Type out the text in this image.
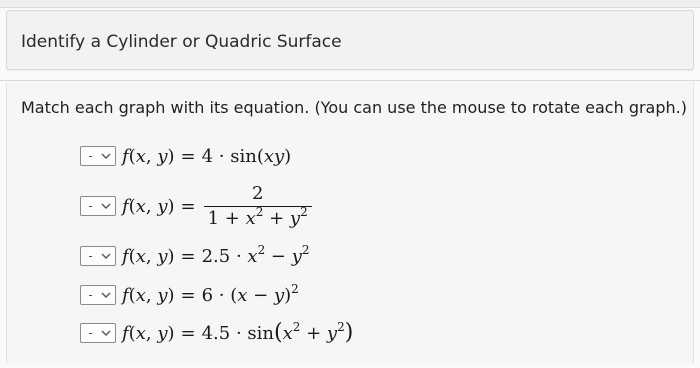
Identify a Cylinder or Quadric Surface
Match each graph with its equation. (You can use the mouse to rotate each graph.)
- f(x, y) = 4 · sin(xy)
- f(x, $y) = \frac{2}{1 + x^2 + y^2}$
- f(x, $y) = 2.5 \cdot x^2 - y^2$
- f(x, $y) = 6 \cdot (x - y)^2$
- f(x, $y) = 4.5 \cdot \sin(x^2 + y^2)$
